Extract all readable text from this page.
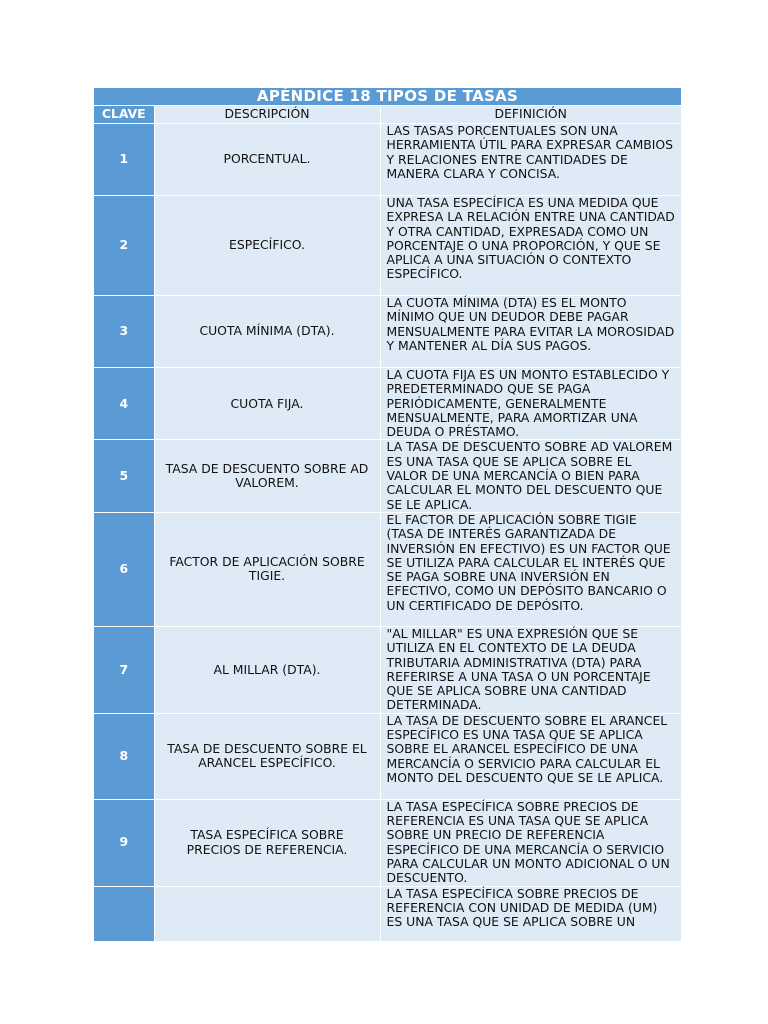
APÉNDICE 18 TIPOS DE TASAS		
CLAVE	DESCRIPCIÓN	DEFINICIÓN
1	PORCENTUAL.	LAS TASAS PORCENTUALES SON UNA HERRAMIENTA ÚTIL PARA EXPRESAR CAMBIOS Y RELACIONES ENTRE CANTIDADES DE MANERA CLARA Y CONCISA.
2	ESPECÍFICO.	UNA TASA ESPECÍFICA ES UNA MEDIDA QUE EXPRESA LA RELACIÓN ENTRE UNA CANTIDAD Y OTRA CANTIDAD, EXPRESADA COMO UN PORCENTAJE O UNA PROPORCIÓN, Y QUE SE APLICA A UNA SITUACIÓN O CONTEXTO ESPECÍFICO.
3	CUOTA MÍNIMA (DTA).	LA CUOTA MÍNIMA (DTA) ES EL MONTO MÍNIMO QUE UN DEUDOR DEBE PAGAR MENSUALMENTE PARA EVITAR LA MOROSIDAD Y MANTENER AL DÍA SUS PAGOS.
4	CUOTA FIJA.	LA CUOTA FIJA ES UN MONTO ESTABLECIDO Y PREDETERMINADO QUE SE PAGA PERIÓDICAMENTE, GENERALMENTE MENSUALMENTE, PARA AMORTIZAR UNA DEUDA O PRÉSTAMO.
5	TASA DE DESCUENTO SOBRE AD VALOREM.	LA TASA DE DESCUENTO SOBRE AD VALOREM ES UNA TASA QUE SE APLICA SOBRE EL VALOR DE UNA MERCANCÍA O BIEN PARA CALCULAR EL MONTO DEL DESCUENTO QUE SE LE APLICA.
6	FACTOR DE APLICACIÓN SOBRE TIGIE.	EL FACTOR DE APLICACIÓN SOBRE TIGIE (TASA DE INTERÉS GARANTIZADA DE INVERSIÓN EN EFECTIVO) ES UN FACTOR QUE SE UTILIZA PARA CALCULAR EL INTERÉS QUE SE PAGA SOBRE UNA INVERSIÓN EN EFECTIVO, COMO UN DEPÓSITO BANCARIO O UN CERTIFICADO DE DEPÓSITO.
7	AL MILLAR (DTA).	"AL MILLAR" ES UNA EXPRESIÓN QUE SE UTILIZA EN EL CONTEXTO DE LA DEUDA TRIBUTARIA ADMINISTRATIVA (DTA) PARA REFERIRSE A UNA TASA O UN PORCENTAJE QUE SE APLICA SOBRE UNA CANTIDAD DETERMINADA.
8	TASA DE DESCUENTO SOBRE EL ARANCEL ESPECÍFICO.	LA TASA DE DESCUENTO SOBRE EL ARANCEL ESPECÍFICO ES UNA TASA QUE SE APLICA SOBRE EL ARANCEL ESPECÍFICO DE UNA MERCANCÍA O SERVICIO PARA CALCULAR EL MONTO DEL DESCUENTO QUE SE LE APLICA.
9	TASA ESPECÍFICA SOBRE PRECIOS DE REFERENCIA.	LA TASA ESPECÍFICA SOBRE PRECIOS DE REFERENCIA ES UNA TASA QUE SE APLICA SOBRE UN PRECIO DE REFERENCIA ESPECÍFICO DE UNA MERCANCÍA O SERVICIO PARA CALCULAR UN MONTO ADICIONAL O UN DESCUENTO.
		LA TASA ESPECÍFICA SOBRE PRECIOS DE REFERENCIA CON UNIDAD DE MEDIDA (UM) ES UNA TASA QUE SE APLICA SOBRE UN
